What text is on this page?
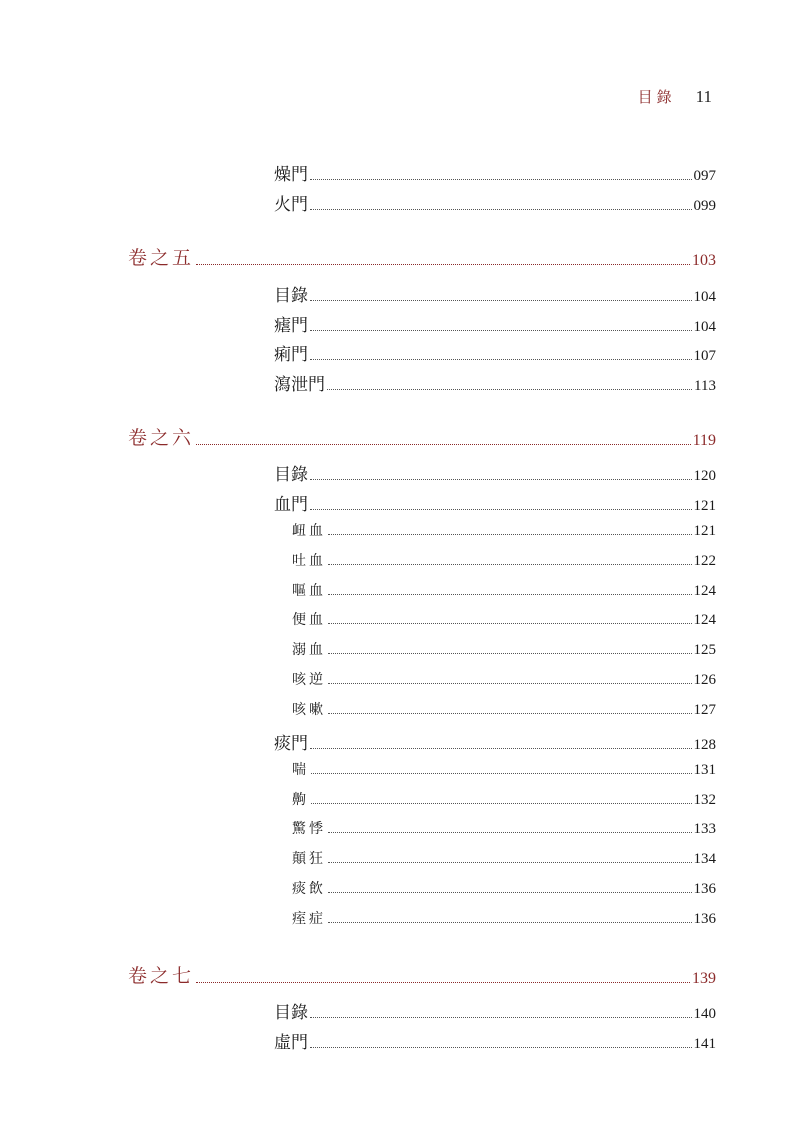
目錄 11
燥門	097
火門	099
卷之五	103
目錄	104
瘧門	104
痢門	107
瀉泄門	113
卷之六	119
目錄	120
血門	121
衄血	121
吐血	122
嘔血	124
便血	124
溺血	125
咳逆	126
咳嗽	127
痰門	128
喘	131
齁	132
驚悸	133
顛狂	134
痰飲	136
痓症	136
卷之七	139
目錄	140
虛門	141
